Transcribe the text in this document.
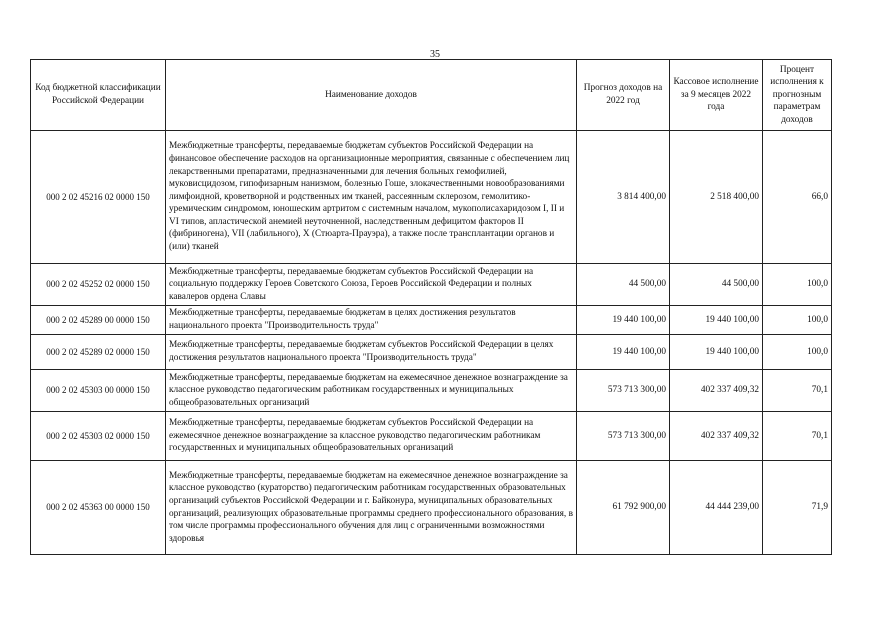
35
Код бюджетной классификации Российской Федерации	Наименование доходов	Прогноз доходов на 2022 год	Кассовое исполнение за 9 месяцев 2022 года	Процент исполнения к прогнозным параметрам доходов
000 2 02 45216 02 0000 150	Межбюджетные трансферты, передаваемые бюджетам субъектов Российской Федерации на финансовое обеспечение расходов на организационные мероприятия, связанные с обеспечением лиц лекарственными препаратами, предназначенными для лечения больных гемофилией, муковисцидозом, гипофизарным нанизмом, болезнью Гоше, злокачественными новообразованиями лимфоидной, кроветворной и родственных им тканей, рассеянным склерозом, гемолитико-уремическим синдромом, юношеским артритом с системным началом, мукополисахаридозом I, II и VI типов, апластической анемией неуточненной, наследственным дефицитом факторов II (фибриногена), VII (лабильного), X (Стюарта-Прауэра), а также после трансплантации органов и (или) тканей	3 814 400,00	2 518 400,00	66,0
000 2 02 45252 02 0000 150	Межбюджетные трансферты, передаваемые бюджетам субъектов Российской Федерации на социальную поддержку Героев Советского Союза, Героев Российской Федерации и полных кавалеров ордена Славы	44 500,00	44 500,00	100,0
000 2 02 45289 00 0000 150	Межбюджетные трансферты, передаваемые бюджетам в целях достижения результатов национального проекта "Производительность труда"	19 440 100,00	19 440 100,00	100,0
000 2 02 45289 02 0000 150	Межбюджетные трансферты, передаваемые бюджетам субъектов Российской Федерации в целях достижения результатов национального проекта "Производительность труда"	19 440 100,00	19 440 100,00	100,0
000 2 02 45303 00 0000 150	Межбюджетные трансферты, передаваемые бюджетам на ежемесячное денежное вознаграждение за классное руководство педагогическим работникам государственных и муниципальных общеобразовательных организаций	573 713 300,00	402 337 409,32	70,1
000 2 02 45303 02 0000 150	Межбюджетные трансферты, передаваемые бюджетам субъектов Российской Федерации на ежемесячное денежное вознаграждение за классное руководство педагогическим работникам государственных и муниципальных общеобразовательных организаций	573 713 300,00	402 337 409,32	70,1
000 2 02 45363 00 0000 150	Межбюджетные трансферты, передаваемые бюджетам на ежемесячное денежное вознаграждение за классное руководство (кураторство) педагогическим работникам государственных образовательных организаций субъектов Российской Федерации и г. Байконура, муниципальных образовательных организаций, реализующих образовательные программы среднего профессионального образования, в том числе программы профессионального обучения для лиц с ограниченными возможностями здоровья	61 792 900,00	44 444 239,00	71,9
